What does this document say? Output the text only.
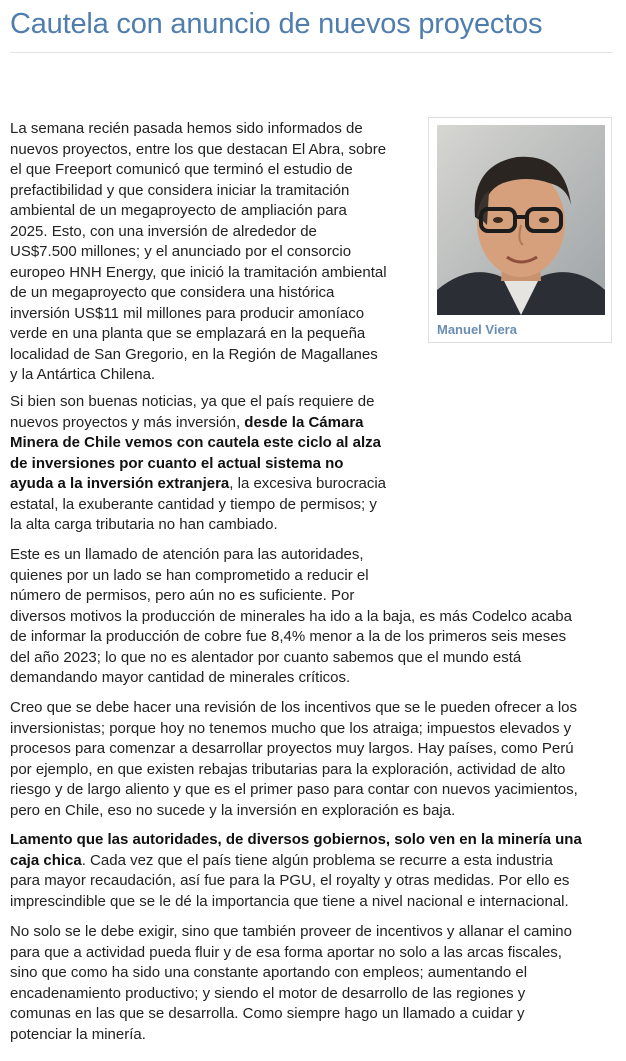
Cautela con anuncio de nuevos proyectos
Manuel Viera
La semana recién pasada hemos sido informados de
nuevos proyectos, entre los que destacan El Abra, sobre
el que Freeport comunicó que terminó el estudio de
prefactibilidad y que considera iniciar la tramitación
ambiental de un megaproyecto de ampliación para
2025. Esto, con una inversión de alrededor de
US$7.500 millones; y el anunciado por el consorcio
europeo HNH Energy, que inició la tramitación ambiental
de un megaproyecto que considera una histórica
inversión US$11 mil millones para producir amoníaco
verde en una planta que se emplazará en la pequeña
localidad de San Gregorio, en la Región de Magallanes
y la Antártica Chilena.
Si bien son buenas noticias, ya que el país requiere de
nuevos proyectos y más inversión, desde la Cámara
Minera de Chile vemos con cautela este ciclo al alza
de inversiones por cuanto el actual sistema no
ayuda a la inversión extranjera, la excesiva burocracia
estatal, la exuberante cantidad y tiempo de permisos; y
la alta carga tributaria no han cambiado.
Este es un llamado de atención para las autoridades,
quienes por un lado se han comprometido a reducir el
número de permisos, pero aún no es suficiente. Por
diversos motivos la producción de minerales ha ido a la baja, es más Codelco acaba
de informar la producción de cobre fue 8,4% menor a la de los primeros seis meses
del año 2023; lo que no es alentador por cuanto sabemos que el mundo está
demandando mayor cantidad de minerales críticos.
Creo que se debe hacer una revisión de los incentivos que se le pueden ofrecer a los
inversionistas; porque hoy no tenemos mucho que los atraiga; impuestos elevados y
procesos para comenzar a desarrollar proyectos muy largos. Hay países, como Perú
por ejemplo, en que existen rebajas tributarias para la exploración, actividad de alto
riesgo y de largo aliento y que es el primer paso para contar con nuevos yacimientos,
pero en Chile, eso no sucede y la inversión en exploración es baja.
Lamento que las autoridades, de diversos gobiernos, solo ven en la minería una
caja chica. Cada vez que el país tiene algún problema se recurre a esta industria
para mayor recaudación, así fue para la PGU, el royalty y otras medidas. Por ello es
imprescindible que se le dé la importancia que tiene a nivel nacional e internacional.
No solo se le debe exigir, sino que también proveer de incentivos y allanar el camino
para que a actividad pueda fluir y de esa forma aportar no solo a las arcas fiscales,
sino que como ha sido una constante aportando con empleos; aumentando el
encadenamiento productivo; y siendo el motor de desarrollo de las regiones y
comunas en las que se desarrolla. Como siempre hago un llamado a cuidar y
potenciar la minería.
